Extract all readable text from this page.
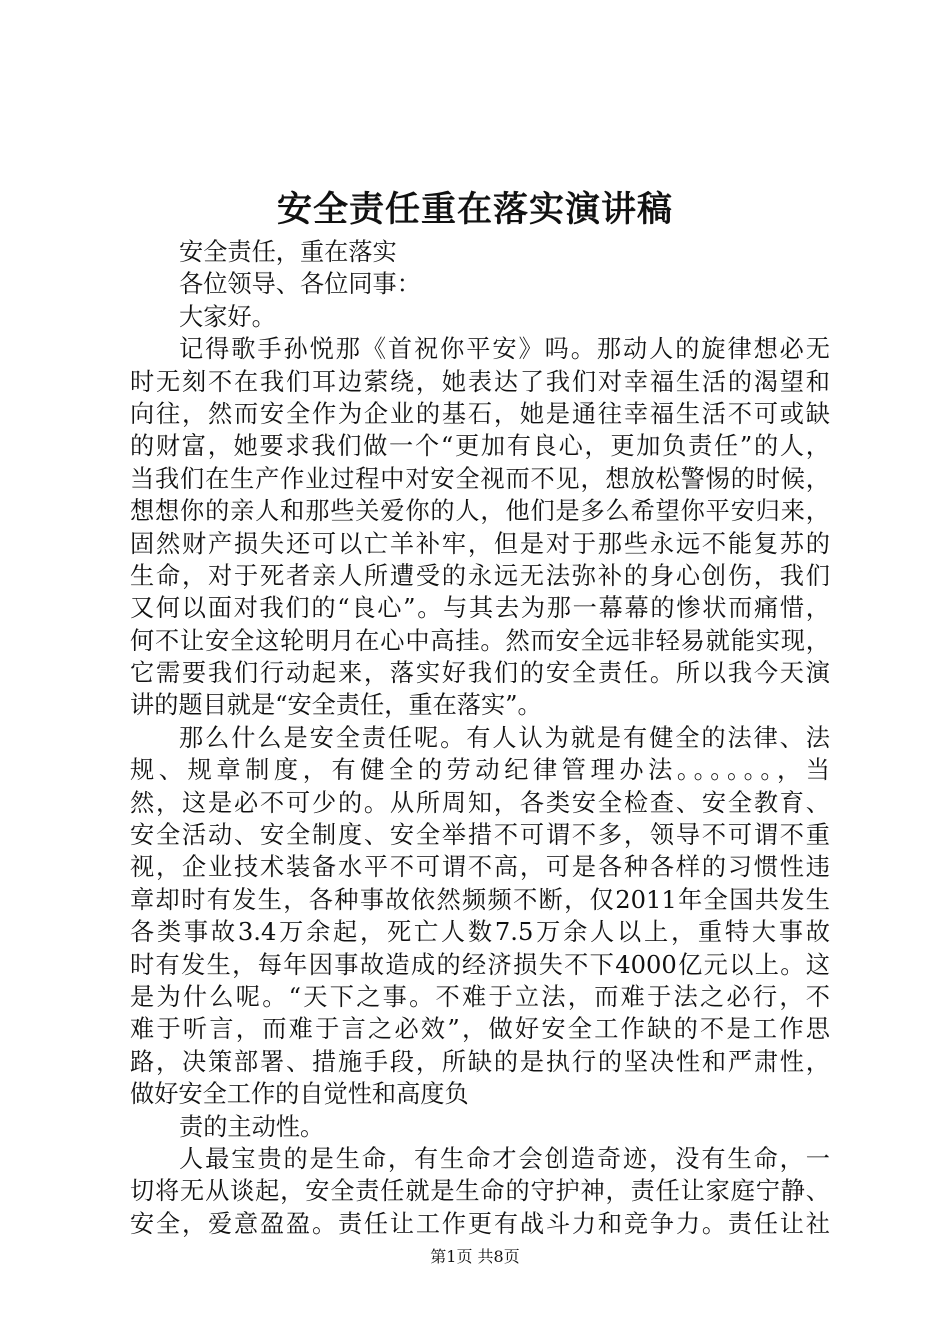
安全责任重在落实演讲稿
安全责任，重在落实
各位领导、各位同事：
大家好。
记得歌手孙悦那《首祝你平安》吗。那动人的旋律想必无
时无刻不在我们耳边萦绕，她表达了我们对幸福生活的渴望和
向往，然而安全作为企业的基石，她是通往幸福生活不可或缺
的财富，她要求我们做一个“更加有良心，更加负责任”的人，
当我们在生产作业过程中对安全视而不见，想放松警惕的时候，
想想你的亲人和那些关爱你的人，他们是多么希望你平安归来，
固然财产损失还可以亡羊补牢，但是对于那些永远不能复苏的
生命，对于死者亲人所遭受的永远无法弥补的身心创伤，我们
又何以面对我们的“良心”。与其去为那一幕幕的惨状而痛惜，
何不让安全这轮明月在心中高挂。然而安全远非轻易就能实现，
它需要我们行动起来，落实好我们的安全责任。所以我今天演
讲的题目就是“安全责任，重在落实”。
那么什么是安全责任呢。有人认为就是有健全的法律、法
规、规章制度，有健全的劳动纪律管理办法。。。。。。，当
然，这是必不可少的。从所周知，各类安全检查、安全教育、
安全活动、安全制度、安全举措不可谓不多，领导不可谓不重
视，企业技术装备水平不可谓不高，可是各种各样的习惯性违
章却时有发生，各种事故依然频频不断，仅2011年全国共发生
各类事故3.4万余起，死亡人数7.5万余人以上，重特大事故
时有发生，每年因事故造成的经济损失不下4000亿元以上。这
是为什么呢。“天下之事。不难于立法，而难于法之必行，不
难于听言，而难于言之必效”，做好安全工作缺的不是工作思
路，决策部署、措施手段，所缺的是执行的坚决性和严肃性，
做好安全工作的自觉性和高度负
责的主动性。
人最宝贵的是生命，有生命才会创造奇迹，没有生命，一
切将无从谈起，安全责任就是生命的守护神，责任让家庭宁静、
安全，爱意盈盈。责任让工作更有战斗力和竞争力。责任让社
第1页 共8页
